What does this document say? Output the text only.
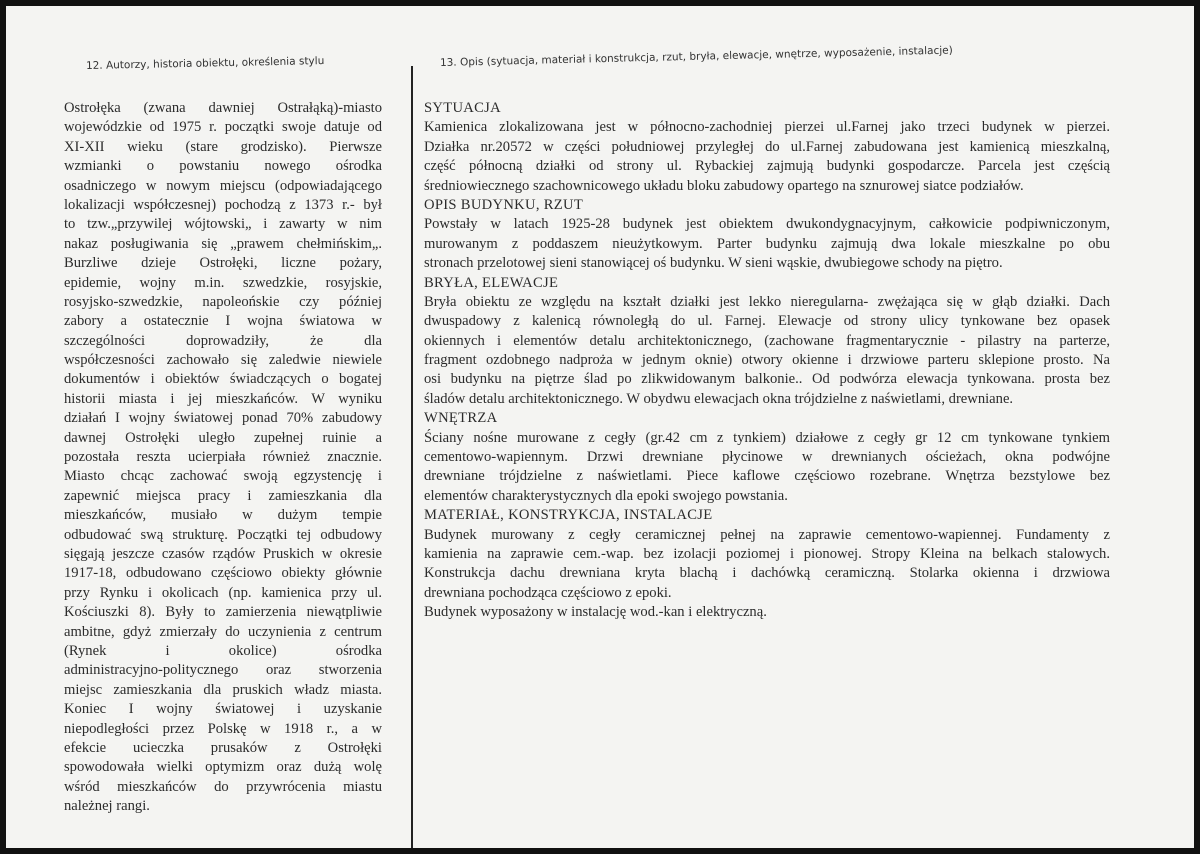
12. Autorzy, historia obiektu, określenia stylu	13. Opis (sytuacja, materiał i konstrukcja, rzut, bryła, elewacje, wnętrze, wyposażenie, instalacje)
Ostrołęka (zwana dawniej Ostrałąką)-miasto
wojewódzkie od 1975 r. początki swoje datuje od
XI-XII wieku (stare grodzisko). Pierwsze
wzmianki o powstaniu nowego ośrodka
osadniczego w nowym miejscu (odpowiadającego
lokalizacji współczesnej) pochodzą z 1373 r.- był
to tzw.„przywilej wójtowski„ i zawarty w nim
nakaz posługiwania się „prawem chełmińskim„.
Burzliwe dzieje Ostrołęki, liczne pożary,
epidemie, wojny m.in. szwedzkie, rosyjskie,
rosyjsko-szwedzkie, napoleońskie czy później
zabory a ostatecznie I wojna światowa w
szczególności doprowadziły, że dla
współczesności zachowało się zaledwie niewiele
dokumentów i obiektów świadczących o bogatej
historii miasta i jej mieszkańców. W wyniku
działań I wojny światowej ponad 70% zabudowy
dawnej Ostrołęki uległo zupełnej ruinie a
pozostała reszta ucierpiała również znacznie.
Miasto chcąc zachować swoją egzystencję i
zapewnić miejsca pracy i zamieszkania dla
mieszkańców, musiało w dużym tempie
odbudować swą strukturę. Początki tej odbudowy
sięgają jeszcze czasów rządów Pruskich w okresie
1917-18, odbudowano częściowo obiekty głównie
przy Rynku i okolicach (np. kamienica przy ul.
Kościuszki 8). Były to zamierzenia niewątpliwie
ambitne, gdyż zmierzały do uczynienia z centrum
(Rynek i okolice) ośrodka
administracyjno-politycznego oraz stworzenia
miejsc zamieszkania dla pruskich władz miasta.
Koniec I wojny światowej i uzyskanie
niepodległości przez Polskę w 1918 r., a w
efekcie ucieczka prusaków z Ostrołęki
spowodowała wielki optymizm oraz dużą wolę
wśród mieszkańców do przywrócenia miastu
należnej rangi.
SYTUACJA
Kamienica zlokalizowana jest w północno-zachodniej pierzei ul.Farnej jako trzeci budynek w pierzei.
Działka nr.20572 w części południowej przyległej do ul.Farnej zabudowana jest kamienicą mieszkalną,
część północną działki od strony ul. Rybackiej zajmują budynki gospodarcze. Parcela jest częścią
średniowiecznego szachownicowego układu bloku zabudowy opartego na sznurowej siatce podziałów.
OPIS BUDYNKU, RZUT
Powstały w latach 1925-28 budynek jest obiektem dwukondygnacyjnym, całkowicie podpiwniczonym,
murowanym z poddaszem nieużytkowym. Parter budynku zajmują dwa lokale mieszkalne po obu
stronach przelotowej sieni stanowiącej oś budynku. W sieni wąskie, dwubiegowe schody na piętro.
BRYŁA, ELEWACJE
Bryła obiektu ze względu na kształt działki jest lekko nieregularna- zwężająca się w głąb działki. Dach
dwuspadowy z kalenicą równoległą do ul. Farnej. Elewacje od strony ulicy tynkowane bez opasek
okiennych i elementów detalu architektonicznego, (zachowane fragmentarycznie - pilastry na parterze,
fragment ozdobnego nadproża w jednym oknie) otwory okienne i drzwiowe parteru sklepione prosto. Na
osi budynku na piętrze ślad po zlikwidowanym balkonie.. Od podwórza elewacja tynkowana. prosta bez
śladów detalu architektonicznego. W obydwu elewacjach okna trójdzielne z naświetlami, drewniane.
WNĘTRZA
Ściany nośne murowane z cegły (gr.42 cm z tynkiem) działowe z cegły gr 12 cm tynkowane tynkiem
cementowo-wapiennym. Drzwi drewniane płycinowe w drewnianych ościeżach, okna podwójne
drewniane trójdzielne z naświetlami. Piece kaflowe częściowo rozebrane. Wnętrza bezstylowe bez
elementów charakterystycznych dla epoki swojego powstania.
MATERIAŁ, KONSTRYKCJA, INSTALACJE
Budynek murowany z cegły ceramicznej pełnej na zaprawie cementowo-wapiennej. Fundamenty z
kamienia na zaprawie cem.-wap. bez izolacji poziomej i pionowej. Stropy Kleina na belkach stalowych.
Konstrukcja dachu drewniana kryta blachą i dachówką ceramiczną. Stolarka okienna i drzwiowa
drewniana pochodząca częściowo z epoki.
Budynek wyposażony w instalację wod.-kan i elektryczną.
